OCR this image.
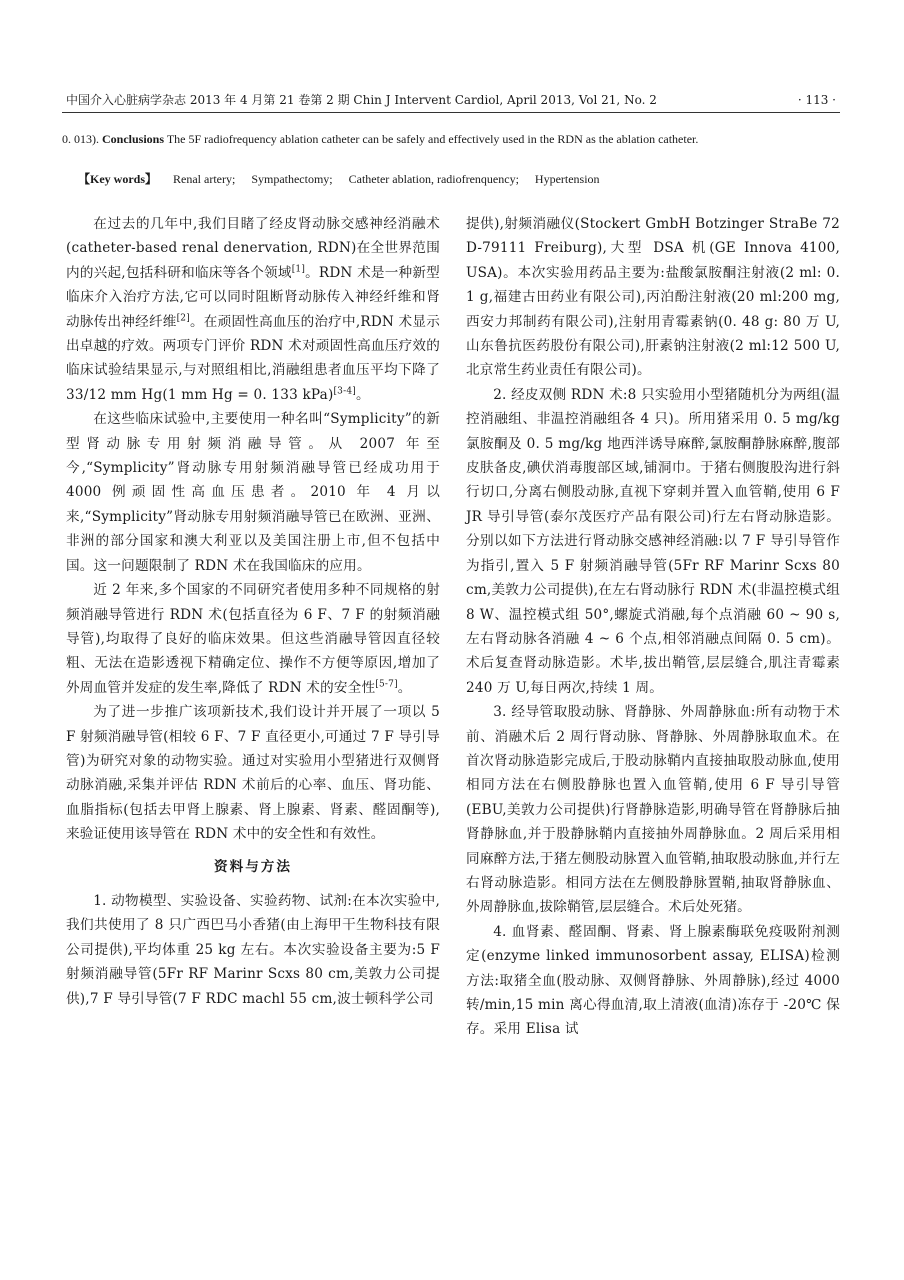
中国介入心脏病学杂志 2013 年 4 月第 21 卷第 2 期 Chin J Intervent Cardiol, April 2013, Vol 21, No. 2	· 113 ·

0. 013). Conclusions The 5F radiofrequency ablation catheter can be safely and effectively used in the RDN as the ablation catheter.

【Key words】 Renal artery; Sympathectomy; Catheter ablation, radiofrenquency; Hypertension

在过去的几年中,我们目睹了经皮肾动脉交感神经消融术(catheter-based renal denervation, RDN)在全世界范围内的兴起,包括科研和临床等各个领域[1]。RDN 术是一种新型临床介入治疗方法,它可以同时阻断肾动脉传入神经纤维和肾动脉传出神经纤维[2]。在顽固性高血压的治疗中,RDN 术显示出卓越的疗效。两项专门评价 RDN 术对顽固性高血压疗效的临床试验结果显示,与对照组相比,消融组患者血压平均下降了 33/12 mm Hg(1 mm Hg = 0. 133 kPa)[3-4]。

在这些临床试验中,主要使用一种名叫“Symplicity”的新型肾动脉专用射频消融导管。从 2007 年至今,“Symplicity”肾动脉专用射频消融导管已经成功用于 4000 例顽固性高血压患者。2010 年 4 月以来,“Symplicity”肾动脉专用射频消融导管已在欧洲、亚洲、非洲的部分国家和澳大利亚以及美国注册上市,但不包括中国。这一问题限制了 RDN 术在我国临床的应用。

近 2 年来,多个国家的不同研究者使用多种不同规格的射频消融导管进行 RDN 术(包括直径为 6 F、7 F 的射频消融导管),均取得了良好的临床效果。但这些消融导管因直径较粗、无法在造影透视下精确定位、操作不方便等原因,增加了外周血管并发症的发生率,降低了 RDN 术的安全性[5-7]。

为了进一步推广该项新技术,我们设计并开展了一项以 5 F 射频消融导管(相较 6 F、7 F 直径更小,可通过 7 F 导引导管)为研究对象的动物实验。通过对实验用小型猪进行双侧肾动脉消融,采集并评估 RDN 术前后的心率、血压、肾功能、血脂指标(包括去甲肾上腺素、肾上腺素、肾素、醛固酮等),来验证使用该导管在 RDN 术中的安全性和有效性。

资料与方法

1. 动物模型、实验设备、实验药物、试剂:在本次实验中,我们共使用了 8 只广西巴马小香猪(由上海甲干生物科技有限公司提供),平均体重 25 kg 左右。本次实验设备主要为:5 F 射频消融导管(5Fr RF Marinr Scxs 80 cm,美敦力公司提供),7 F 导引导管(7 F RDC machl 55 cm,波士顿科学公司

提供),射频消融仪(Stockert GmbH Botzinger StraBe 72 D-79111 Freiburg),大型 DSA 机(GE Innova 4100, USA)。本次实验用药品主要为:盐酸氯胺酮注射液(2 ml: 0. 1 g,福建古田药业有限公司),丙泊酚注射液(20 ml:200 mg,西安力邦制药有限公司),注射用青霉素钠(0. 48 g: 80 万 U,山东鲁抗医药股份有限公司),肝素钠注射液(2 ml:12 500 U,北京常生药业责任有限公司)。

2. 经皮双侧 RDN 术:8 只实验用小型猪随机分为两组(温控消融组、非温控消融组各 4 只)。所用猪采用 0. 5 mg/kg 氯胺酮及 0. 5 mg/kg 地西泮诱导麻醉,氯胺酮静脉麻醉,腹部皮肤备皮,碘伏消毒腹部区域,铺洞巾。于猪右侧腹股沟进行斜行切口,分离右侧股动脉,直视下穿刺并置入血管鞘,使用 6 F JR 导引导管(泰尔茂医疗产品有限公司)行左右肾动脉造影。分别以如下方法进行肾动脉交感神经消融:以 7 F 导引导管作为指引,置入 5 F 射频消融导管(5Fr RF Marinr Scxs 80 cm,美敦力公司提供),在左右肾动脉行 RDN 术(非温控模式组 8 W、温控模式组 50°,螺旋式消融,每个点消融 60 ~ 90 s,左右肾动脉各消融 4 ~ 6 个点,相邻消融点间隔 0. 5 cm)。术后复查肾动脉造影。术毕,拔出鞘管,层层缝合,肌注青霉素 240 万 U,每日两次,持续 1 周。

3. 经导管取股动脉、肾静脉、外周静脉血:所有动物于术前、消融术后 2 周行肾动脉、肾静脉、外周静脉取血术。在首次肾动脉造影完成后,于股动脉鞘内直接抽取股动脉血,使用相同方法在右侧股静脉也置入血管鞘,使用 6 F 导引导管(EBU,美敦力公司提供)行肾静脉造影,明确导管在肾静脉后抽肾静脉血,并于股静脉鞘内直接抽外周静脉血。2 周后采用相同麻醉方法,于猪左侧股动脉置入血管鞘,抽取股动脉血,并行左右肾动脉造影。相同方法在左侧股静脉置鞘,抽取肾静脉血、外周静脉血,拔除鞘管,层层缝合。术后处死猪。

4. 血肾素、醛固酮、肾素、肾上腺素酶联免疫吸附剂测定(enzyme linked immunosorbent assay, ELISA)检测方法:取猪全血(股动脉、双侧肾静脉、外周静脉),经过 4000 转/min,15 min 离心得血清,取上清液(血清)冻存于 -20℃ 保存。采用 Elisa 试
